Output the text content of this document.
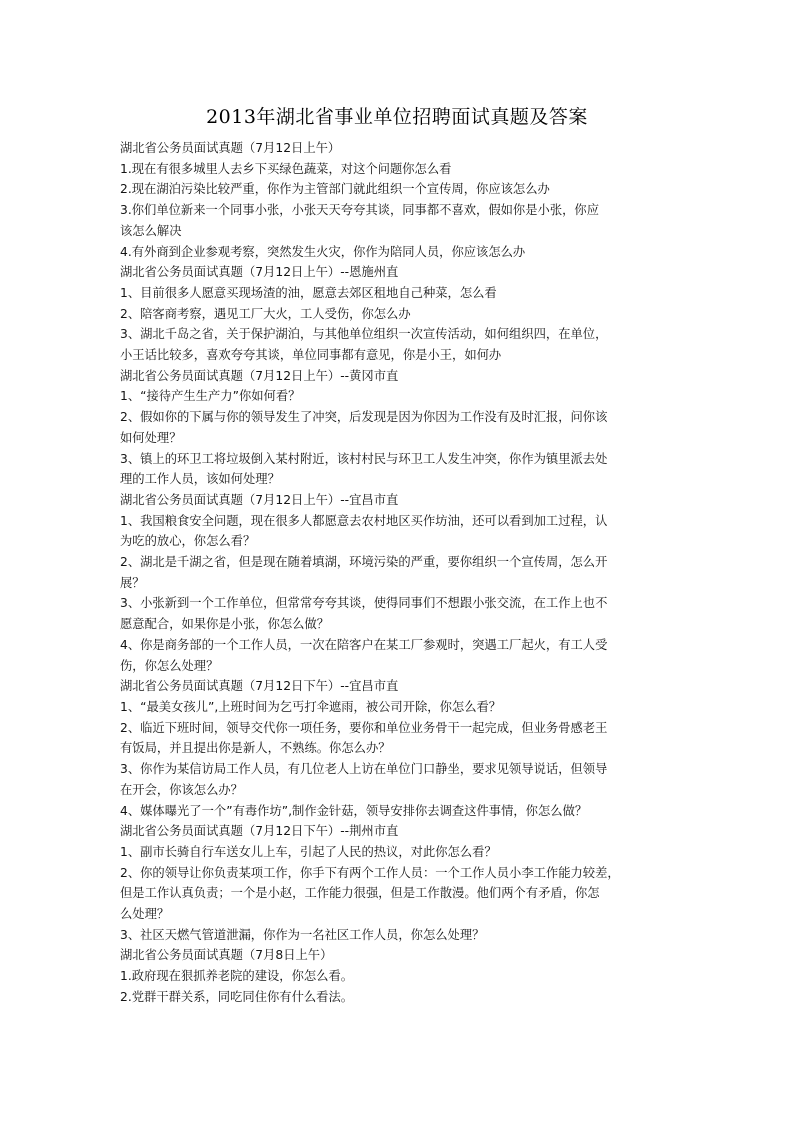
2013年湖北省事业单位招聘面试真题及答案
湖北省公务员面试真题（7月12日上午）
1.现在有很多城里人去乡下买绿色蔬菜，对这个问题你怎么看
2.现在湖泊污染比较严重，你作为主管部门就此组织一个宣传周，你应该怎么办
3.你们单位新来一个同事小张，小张天天夸夸其谈，同事都不喜欢，假如你是小张，你应
该怎么解决
4.有外商到企业参观考察，突然发生火灾，你作为陪同人员，你应该怎么办
湖北省公务员面试真题（7月12日上午）--恩施州直
1、目前很多人愿意买现场渣的油，愿意去郊区租地自己种菜，怎么看
2、陪客商考察，遇见工厂大火，工人受伤，你怎么办
3、湖北千岛之省，关于保护湖泊，与其他单位组织一次宣传活动，如何组织四，在单位，
小王话比较多，喜欢夸夸其谈，单位同事都有意见，你是小王，如何办
湖北省公务员面试真题（7月12日上午）--黄冈市直
1、“接待产生生产力”你如何看？
2、假如你的下属与你的领导发生了冲突，后发现是因为你因为工作没有及时汇报，问你该
如何处理？
3、镇上的环卫工将垃圾倒入某村附近，该村村民与环卫工人发生冲突，你作为镇里派去处
理的工作人员，该如何处理？
湖北省公务员面试真题（7月12日上午）--宜昌市直
1、我国粮食安全问题，现在很多人都愿意去农村地区买作坊油，还可以看到加工过程，认
为吃的放心，你怎么看？
2、湖北是千湖之省，但是现在随着填湖，环境污染的严重，要你组织一个宣传周，怎么开
展？
3、小张新到一个工作单位，但常常夸夸其谈，使得同事们不想跟小张交流，在工作上也不
愿意配合，如果你是小张，你怎么做？
4、你是商务部的一个工作人员，一次在陪客户在某工厂参观时，突遇工厂起火，有工人受
伤，你怎么处理？
湖北省公务员面试真题（7月12日下午）--宜昌市直
1、“最美女孩儿”,上班时间为乞丐打伞遮雨，被公司开除，你怎么看？
2、临近下班时间，领导交代你一项任务，要你和单位业务骨干一起完成，但业务骨感老王
有饭局，并且提出你是新人，不熟练。你怎么办？
3、你作为某信访局工作人员，有几位老人上访在单位门口静坐，要求见领导说话，但领导
在开会，你该怎么办？
4、媒体曝光了一个”有毒作坊”,制作金针菇，领导安排你去调查这件事情，你怎么做？
湖北省公务员面试真题（7月12日下午）--荆州市直
1、副市长骑自行车送女儿上车，引起了人民的热议，对此你怎么看？
2、你的领导让你负责某项工作，你手下有两个工作人员：一个工作人员小李工作能力较差，
但是工作认真负责；一个是小赵，工作能力很强，但是工作散漫。他们两个有矛盾，你怎
么处理？
3、社区天燃气管道泄漏，你作为一名社区工作人员，你怎么处理？
湖北省公务员面试真题（7月8日上午）
1.政府现在狠抓养老院的建设，你怎么看。
2.党群干群关系，同吃同住你有什么看法。
